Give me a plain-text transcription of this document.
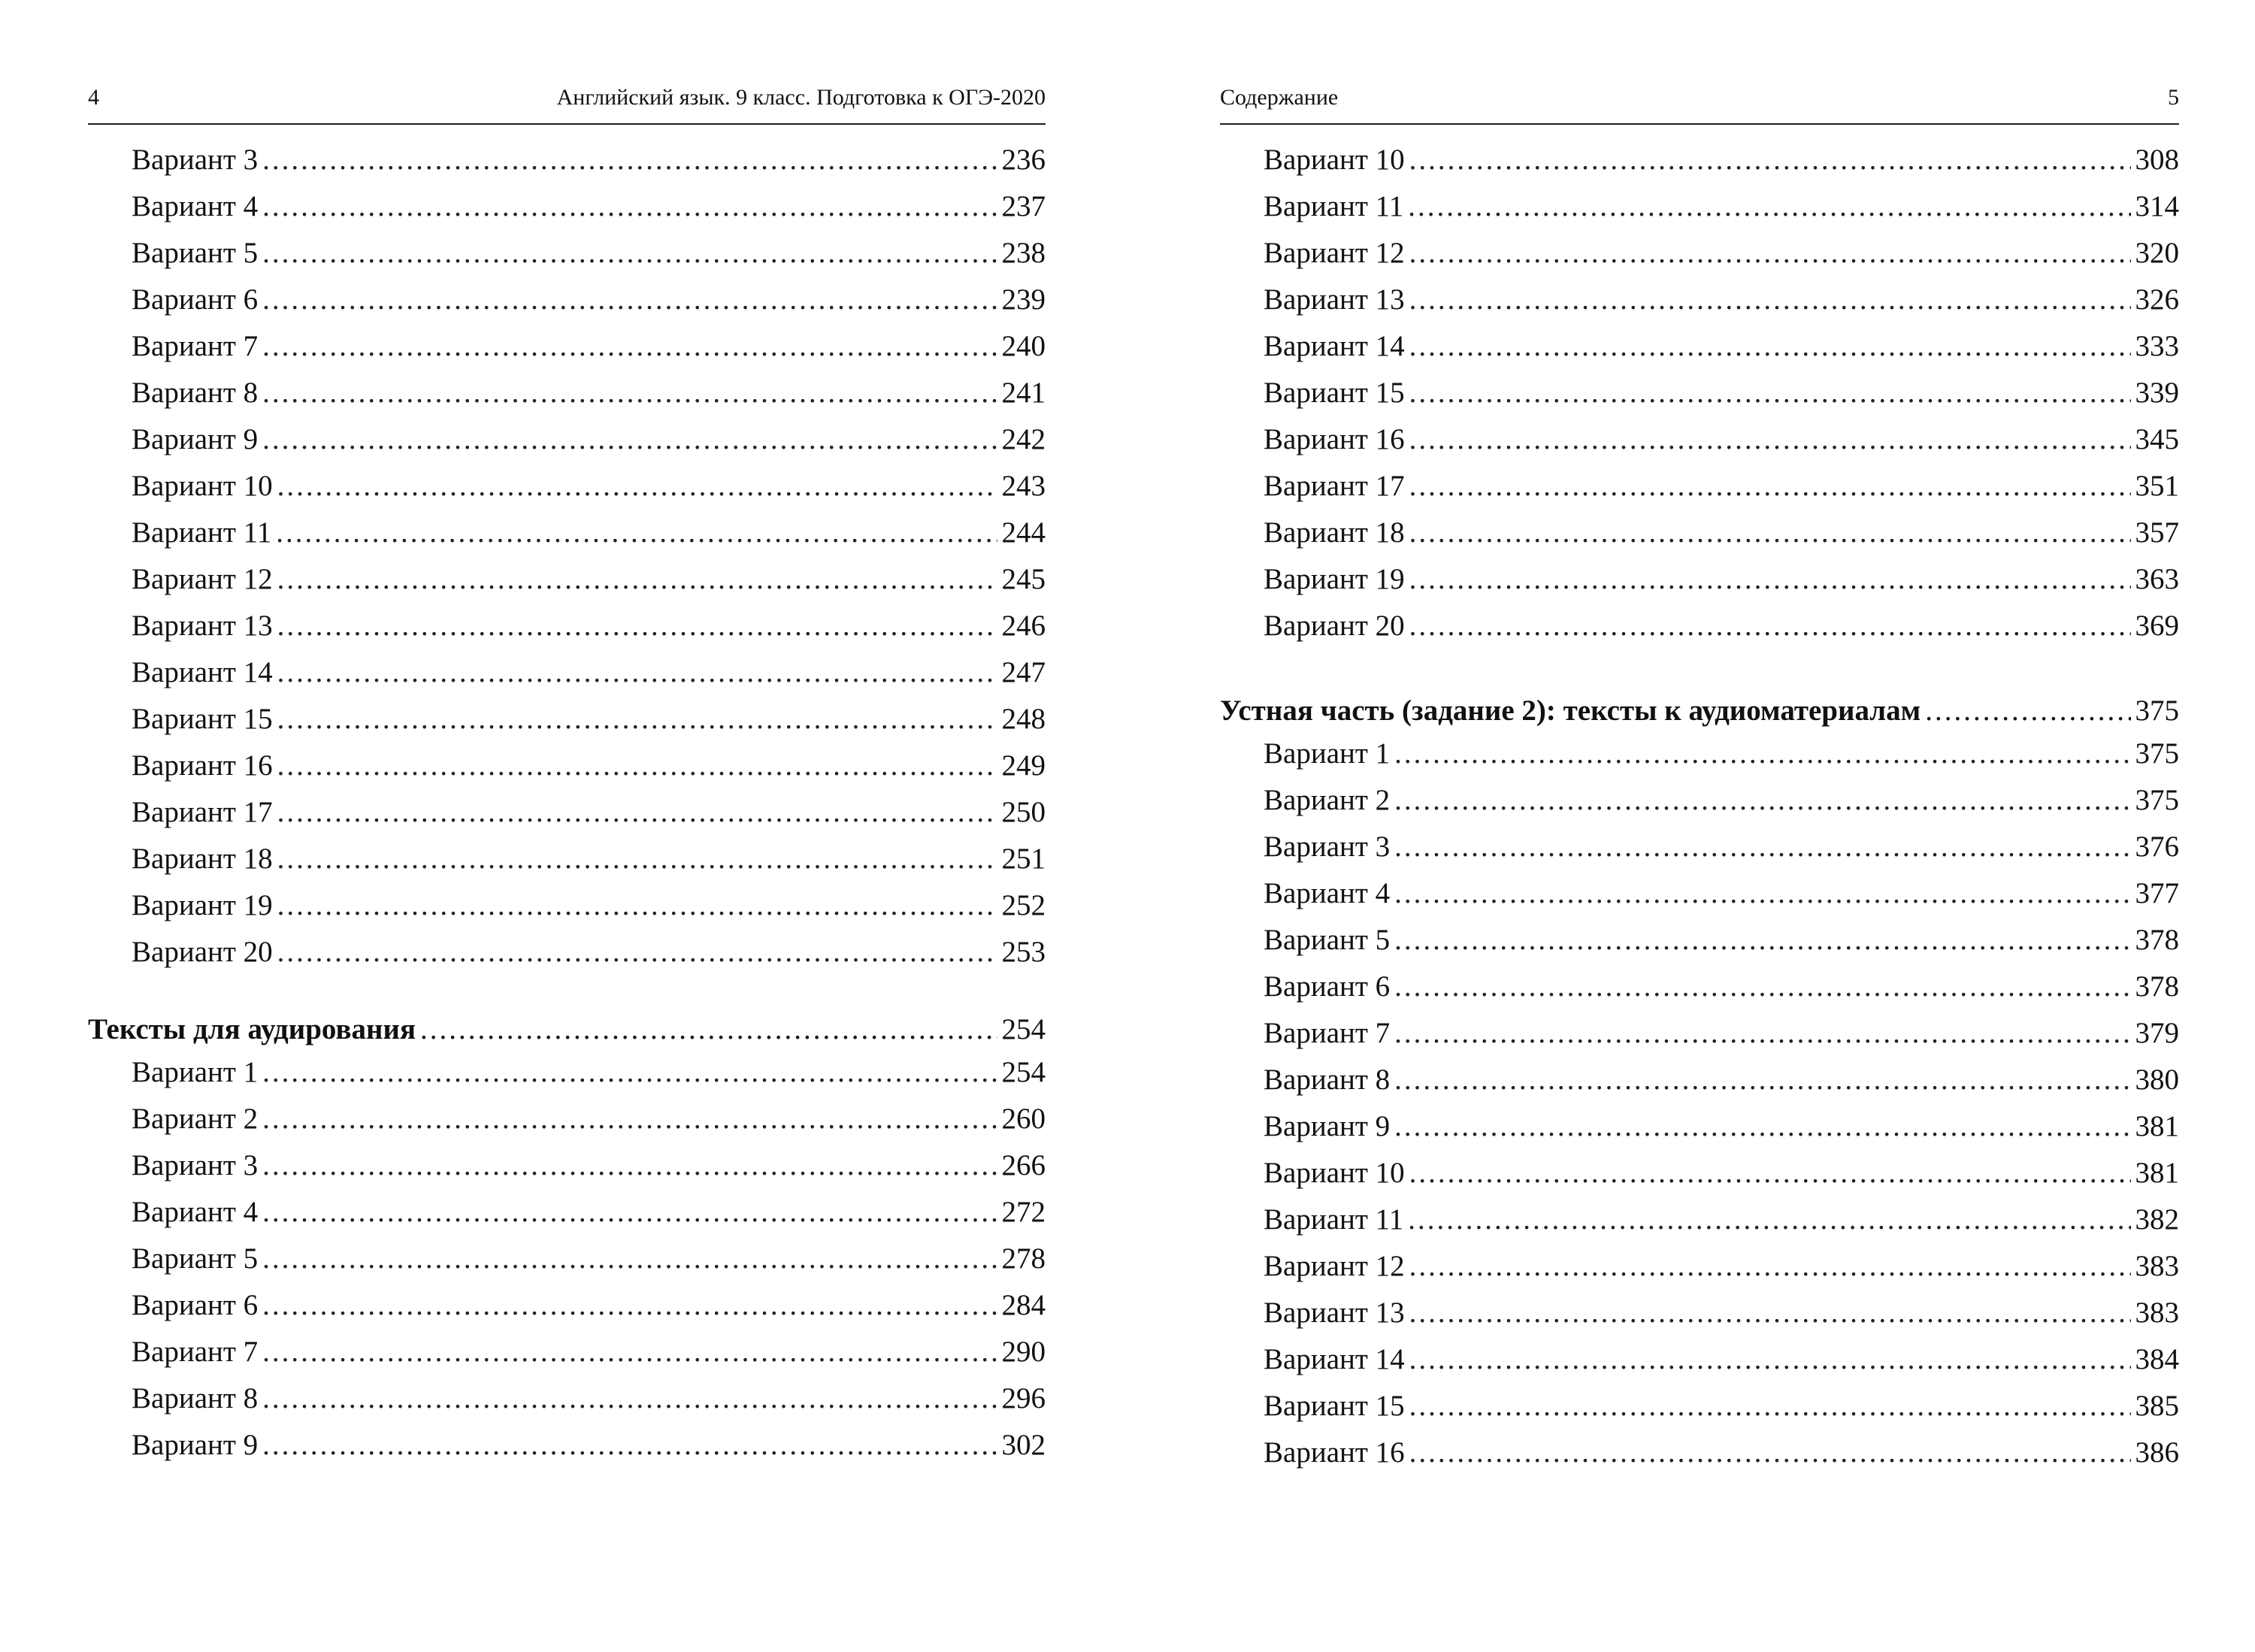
4	Английский язык. 9 класс. Подготовка к ОГЭ-2020
Вариант 3 .....	236
Вариант 4 .....	237
Вариант 5 .....	238
Вариант 6 .....	239
Вариант 7 .....	240
Вариант 8 .....	241
Вариант 9 .....	242
Вариант 10 .....	243
Вариант 11 .....	244
Вариант 12 .....	245
Вариант 13 .....	246
Вариант 14 .....	247
Вариант 15 .....	248
Вариант 16 .....	249
Вариант 17 .....	250
Вариант 18 .....	251
Вариант 19 .....	252
Вариант 20 .....	253
Тексты для аудирования .....	254
Вариант 1 .....	254
Вариант 2 .....	260
Вариант 3 .....	266
Вариант 4 .....	272
Вариант 5 .....	278
Вариант 6 .....	284
Вариант 7 .....	290
Вариант 8 .....	296
Вариант 9 .....	302
Содержание	5
Вариант 10 .....	308
Вариант 11 .....	314
Вариант 12 .....	320
Вариант 13 .....	326
Вариант 14 .....	333
Вариант 15 .....	339
Вариант 16 .....	345
Вариант 17 .....	351
Вариант 18 .....	357
Вариант 19 .....	363
Вариант 20 .....	369
Устная часть (задание 2): тексты к аудиоматериалам .....	375
Вариант 1 .....	375
Вариант 2 .....	375
Вариант 3 .....	376
Вариант 4 .....	377
Вариант 5 .....	378
Вариант 6 .....	378
Вариант 7 .....	379
Вариант 8 .....	380
Вариант 9 .....	381
Вариант 10 .....	381
Вариант 11 .....	382
Вариант 12 .....	383
Вариант 13 .....	383
Вариант 14 .....	384
Вариант 15 .....	385
Вариант 16 .....	386
